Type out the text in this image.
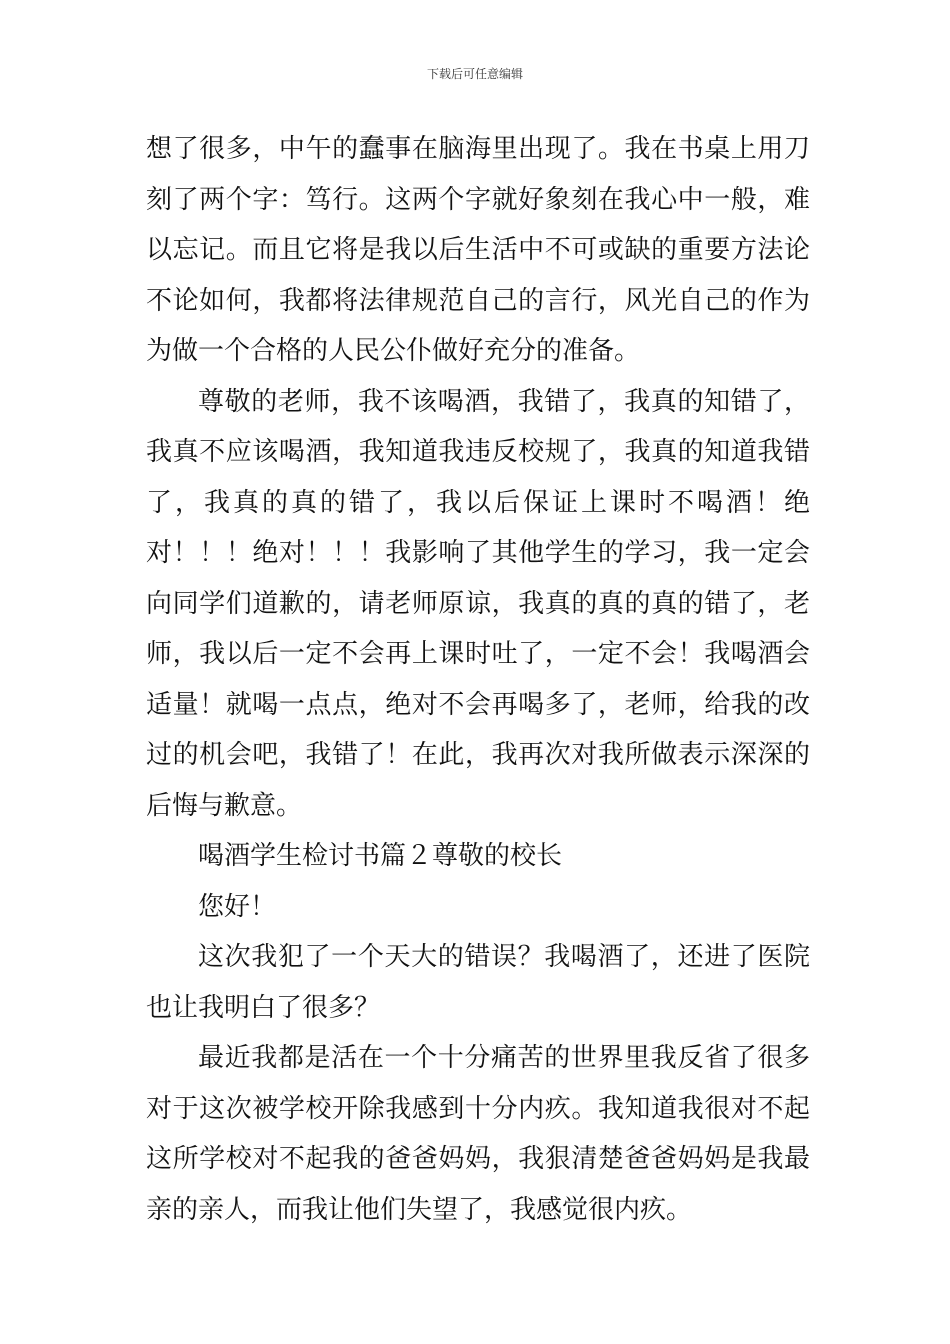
下载后可任意编辑

想了很多，中午的蠢事在脑海里出现了。我在书桌上用刀刻了两个字：笃行。这两个字就好象刻在我心中一般，难以忘记。而且它将是我以后生活中不可或缺的重要方法论不论如何，我都将法律规范自己的言行，风光自己的作为为做一个合格的人民公仆做好充分的准备。

尊敬的老师，我不该喝酒，我错了，我真的知错了，我真不应该喝酒，我知道我违反校规了，我真的知道我错了，我真的真的错了，我以后保证上课时不喝酒！绝对！！！绝对！！！我影响了其他学生的学习，我一定会向同学们道歉的，请老师原谅，我真的真的真的错了，老师，我以后一定不会再上课时吐了，一定不会！我喝酒会适量！就喝一点点，绝对不会再喝多了，老师，给我的改过的机会吧，我错了！在此，我再次对我所做表示深深的后悔与歉意。

喝酒学生检讨书篇２尊敬的校长

您好！

这次我犯了一个天大的错误？我喝酒了，还进了医院也让我明白了很多？

最近我都是活在一个十分痛苦的世界里我反省了很多对于这次被学校开除我感到十分内疚。我知道我很对不起这所学校对不起我的爸爸妈妈，我狠清楚爸爸妈妈是我最亲的亲人，而我让他们失望了，我感觉很内疚。
